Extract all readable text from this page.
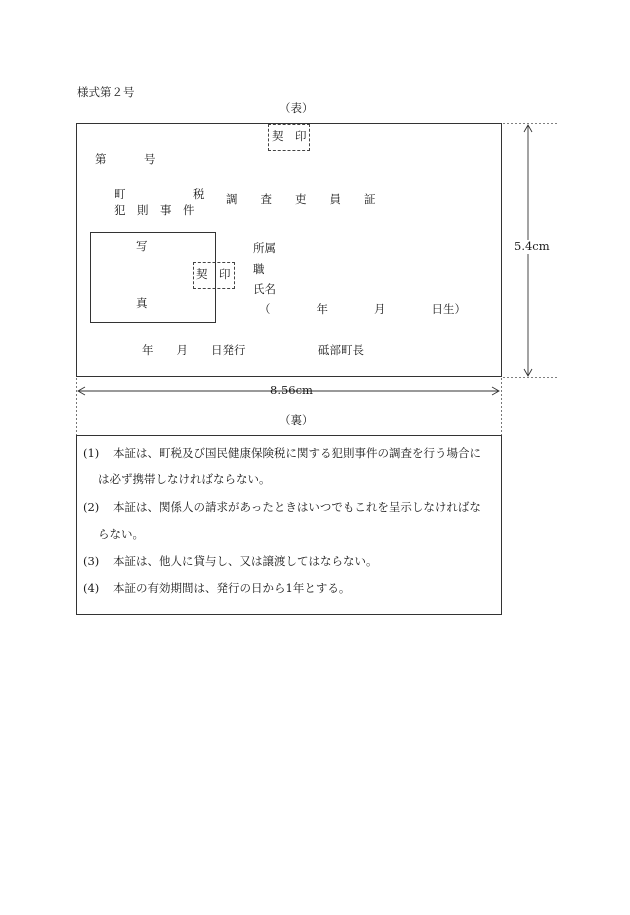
様式第２号
（表）
契　印
第	号
町	税
犯　則　事　件
調　　査　　吏　　員　　証
写
真
契　印
所属
職
氏名
（　　　　年　　　　月　　　　日生）
年　　月　　日発行	砥部町長
5.4cm
8.56cm
（裏）
(1) 本証は、町税及び国民健康保険税に関する犯則事件の調査を行う場合に
は必ず携帯しなければならない。
(2) 本証は、関係人の請求があったときはいつでもこれを呈示しなければな
らない。
(3) 本証は、他人に貸与し、又は譲渡してはならない。
(4) 本証の有効期間は、発行の日から1年とする。
